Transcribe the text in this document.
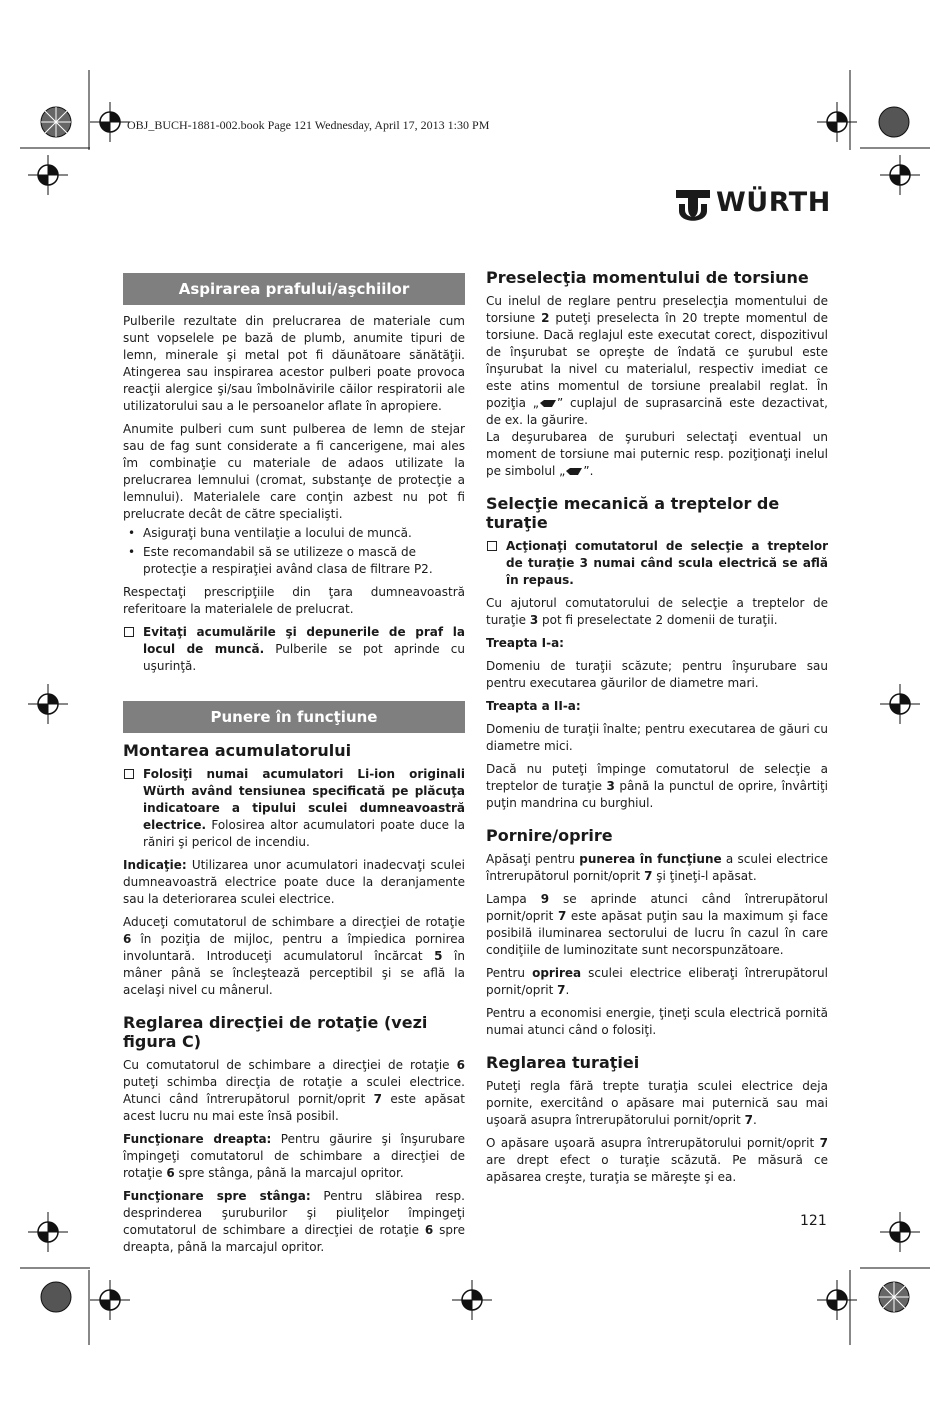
OBJ_BUCH-1881-002.book Page 121 Wednesday, April 17, 2013 1:30 PM
WÜRTH
Aspirarea prafului/aşchiilor

Pulberile rezultate din prelucrarea de materiale cum sunt vopselele pe bază de plumb, anumite tipuri de lemn, minerale şi metal pot fi dăunătoare sănătăţii. Atingerea sau inspirarea acestor pulberi poate provoca reacţii alergice şi/sau îmbolnăvirile căilor respiratorii ale utilizatorului sau a le persoanelor aflate în apropiere.

Anumite pulberi cum sunt pulberea de lemn de stejar sau de fag sunt considerate a fi cancerigene, mai ales îm combinaţie cu materiale de adaos utilizate la prelucrarea lemnului (cromat, substanţe de protecţie a lemnului). Materialele care conţin azbest nu pot fi prelucrate decât de către specialişti.

• Asiguraţi buna ventilaţie a locului de muncă.
• Este recomandabil să se utilizeze o mască de protecţie a respiraţiei având clasa de filtrare P2.

Respectaţi prescripţiile din ţara dumneavoastră referitoare la materialele de prelucrat.

Evitaţi acumulările şi depunerile de praf la locul de muncă. Pulberile se pot aprinde cu uşurinţă.
Punere în funcţiune
Montarea acumulatorului
Folosiţi numai acumulatori Li-ion originali Würth având tensiunea specificată pe plăcuţa indicatoare a tipului sculei dumneavoastră electrice. Folosirea altor acumulatori poate duce la răniri şi pericol de incendiu.

Indicaţie: Utilizarea unor acumulatori inadecvaţi sculei dumneavoastră electrice poate duce la deranjamente sau la deteriorarea sculei electrice.

Aduceţi comutatorul de schimbare a direcţiei de rotaţie 6 în poziţia de mijloc, pentru a împiedica pornirea involuntară. Introduceţi acumulatorul încărcat 5 în mâner până se încleştează perceptibil şi se află la acelaşi nivel cu mânerul.

Reglarea direcţiei de rotaţie (vezi figura C)

Cu comutatorul de schimbare a direcţiei de rotaţie 6 puteţi schimba direcţia de rotaţie a sculei electrice. Atunci când întrerupătorul pornit/oprit 7 este apăsat acest lucru nu mai este însă posibil.

Funcţionare dreapta: Pentru găurire şi înşurubare împingeţi comutatorul de schimbare a direcţiei de rotaţie 6 spre stânga, până la marcajul opritor.

Funcţionare spre stânga: Pentru slăbirea resp. desprinderea şuruburilor şi piuliţelor împingeţi comutatorul de schimbare a direcţiei de rotaţie 6 spre dreapta, până la marcajul opritor.

Preselecţia momentului de torsiune

Cu inelul de reglare pentru preselecţia momentului de torsiune 2 puteţi preselecta în 20 trepte momentul de torsiune. Dacă reglajul este executat corect, dispozitivul de înşurubat se opreşte de îndată ce şurubul este înşurubat la nivel cu materialul, respectiv imediat ce este atins momentul de torsiune prealabil reglat. În poziţia „ ” cuplajul de suprasarcină este dezactivat, de ex. la găurire.

La deşurubarea de şuruburi selectaţi eventual un moment de torsiune mai puternic resp. poziţionaţi inelul pe simbolul „ ”.

Selecţie mecanică a treptelor de turaţie
Acţionaţi comutatorul de selecţie a treptelor de turaţie 3 numai când scula electrică se află în repaus.

Cu ajutorul comutatorului de selecţie a treptelor de turaţie 3 pot fi preselectate 2 domenii de turaţii.

Treapta I-a:

Domeniu de turaţii scăzute; pentru înşurubare sau pentru executarea găurilor de diametre mari.

Treapta a II-a:

Domeniu de turaţii înalte; pentru executarea de găuri cu diametre mici.

Dacă nu puteţi împinge comutatorul de selecţie a treptelor de turaţie 3 până la punctul de oprire, învârtiţi puţin mandrina cu burghiul.

Pornire/oprire

Apăsaţi pentru punerea în funcţiune a sculei electrice întrerupătorul pornit/oprit 7 şi ţineţi-l apăsat.

Lampa 9 se aprinde atunci când întrerupătorul pornit/oprit 7 este apăsat puţin sau la maximum şi face posibilă iluminarea sectorului de lucru în cazul în care condiţiile de luminozitate sunt necorspunzătoare.

Pentru oprirea sculei electrice eliberaţi întrerupătorul pornit/oprit 7.

Pentru a economisi energie, ţineţi scula electrică pornită numai atunci când o folosiţi.

Reglarea turaţiei

Puteţi regla fără trepte turaţia sculei electrice deja pornite, exercitând o apăsare mai puternică sau mai uşoară asupra întrerupătorului pornit/oprit 7.

O apăsare uşoară asupra întrerupătorului pornit/oprit 7 are drept efect o turaţie scăzută. Pe măsură ce apăsarea creşte, turaţia se măreşte şi ea.

121
